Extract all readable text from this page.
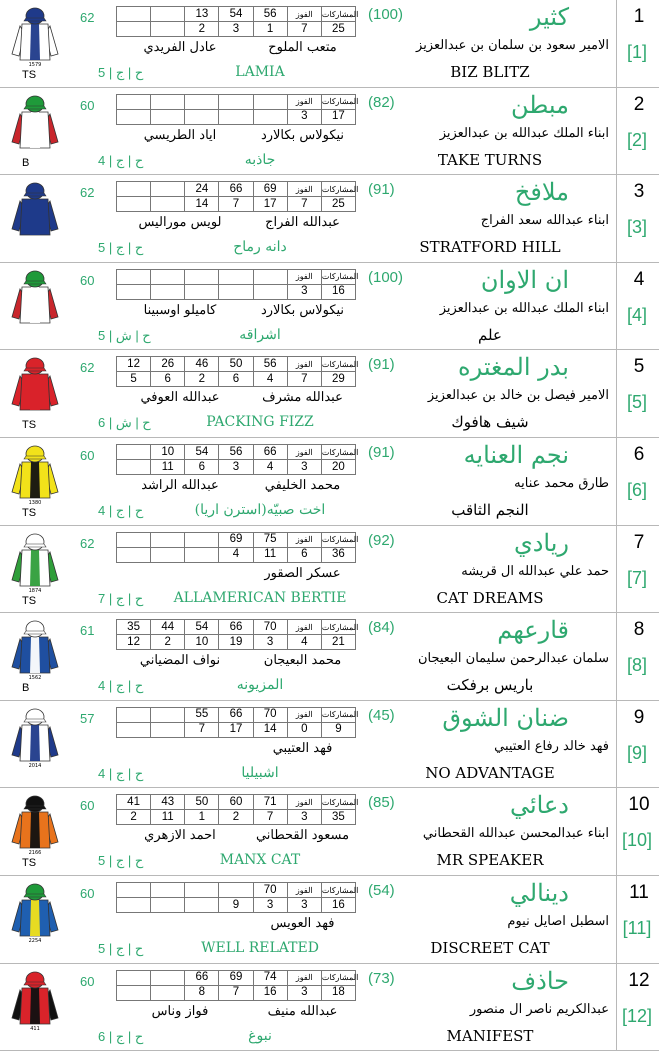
1
[1]
كثير
(100)
الامير سعود بن سلمان بن عبدالعزيز
BIZ BLITZ
		13	54	56	الفوز	المشاركات
		2	3	1	7	25
متعب الملوح
عادل الفريدي
62
LAMIA
ح | ج | 5
1579
TS
2
[2]
مبطن
(82)
ابناء الملك عبدالله بن عبدالعزيز
TAKE TURNS
					الفوز	المشاركات
					3	17
نيكولاس بكالارد
اياد الطريسي
60
جاذبه
ح | ج | 4
B
3
[3]
ملافخ
(91)
ابناء عبدالله سعد الفراج
STRATFORD HILL
		24	66	69	الفوز	المشاركات
		14	7	17	7	25
عبدالله الفراج
لويس موراليس
62
دانه رماح
ح | ج | 5
4
[4]
ان الاوان
(100)
ابناء الملك عبدالله بن عبدالعزيز
علم
					الفوز	المشاركات
					3	16
نيكولاس بكالارد
كاميلو اوسبينا
60
اشراقه
ح | ش | 5
5
[5]
بدر المغتره
(91)
الامير فيصل بن خالد بن عبدالعزيز
شيف هافوك
12	26	46	50	56	الفوز	المشاركات
5	6	2	6	4	7	29
عبدالله مشرف
عبدالله العوفي
62
PACKING FIZZ
ح | ش | 6
TS
6
[6]
نجم العنايه
(91)
طارق محمد عنايه
النجم الثاقب
	10	54	56	66	الفوز	المشاركات
	11	6	3	4	3	20
محمد الخليفي
عبدالله الراشد
60
(اخت صبيّه(استرن اريا
ح | ج | 4
1380
TS
7
[7]
ريادي
(92)
حمد علي عبدالله ال قريشه
CAT DREAMS
			69	75	الفوز	المشاركات
			4	11	6	36
عسكر الصقور
62
ALLAMERICAN BERTIE
ح | ج | 7
1874
TS
8
[8]
قارعهم
(84)
سلمان عبدالرحمن سليمان البعيجان
باريس برفكت
35	44	54	66	70	الفوز	المشاركات
12	2	10	19	3	4	21
محمد البعيجان
نواف المضياني
61
المزيونه
ح | ج | 4
1562
B
9
[9]
ضنان الشوق
(45)
فهد خالد رفاع العتيبي
NO ADVANTAGE
		55	66	70	الفوز	المشاركات
		7	17	14	0	9
فهد العتيبي
57
اشبيليا
ح | ج | 4
2014
10
[10]
دعائي
(85)
ابناء عبدالمحسن عبدالله القحطاني
MR SPEAKER
41	43	50	60	71	الفوز	المشاركات
2	11	1	2	7	3	35
مسعود القحطاني
احمد الازهري
60
MANX CAT
ح | ج | 5
2166
TS
11
[11]
دينالي
(54)
اسطبل اصايل نيوم
DISCREET CAT
				70	الفوز	المشاركات
			9	3	3	16
فهد العويس
60
WELL RELATED
ح | ج | 5
2254
12
[12]
حاذف
(73)
عبدالكريم ناصر ال منصور
MANIFEST
		66	69	74	الفوز	المشاركات
		8	7	16	3	18
عبدالله منيف
فواز وناس
60
نبوغ
ح | ج | 6
411
